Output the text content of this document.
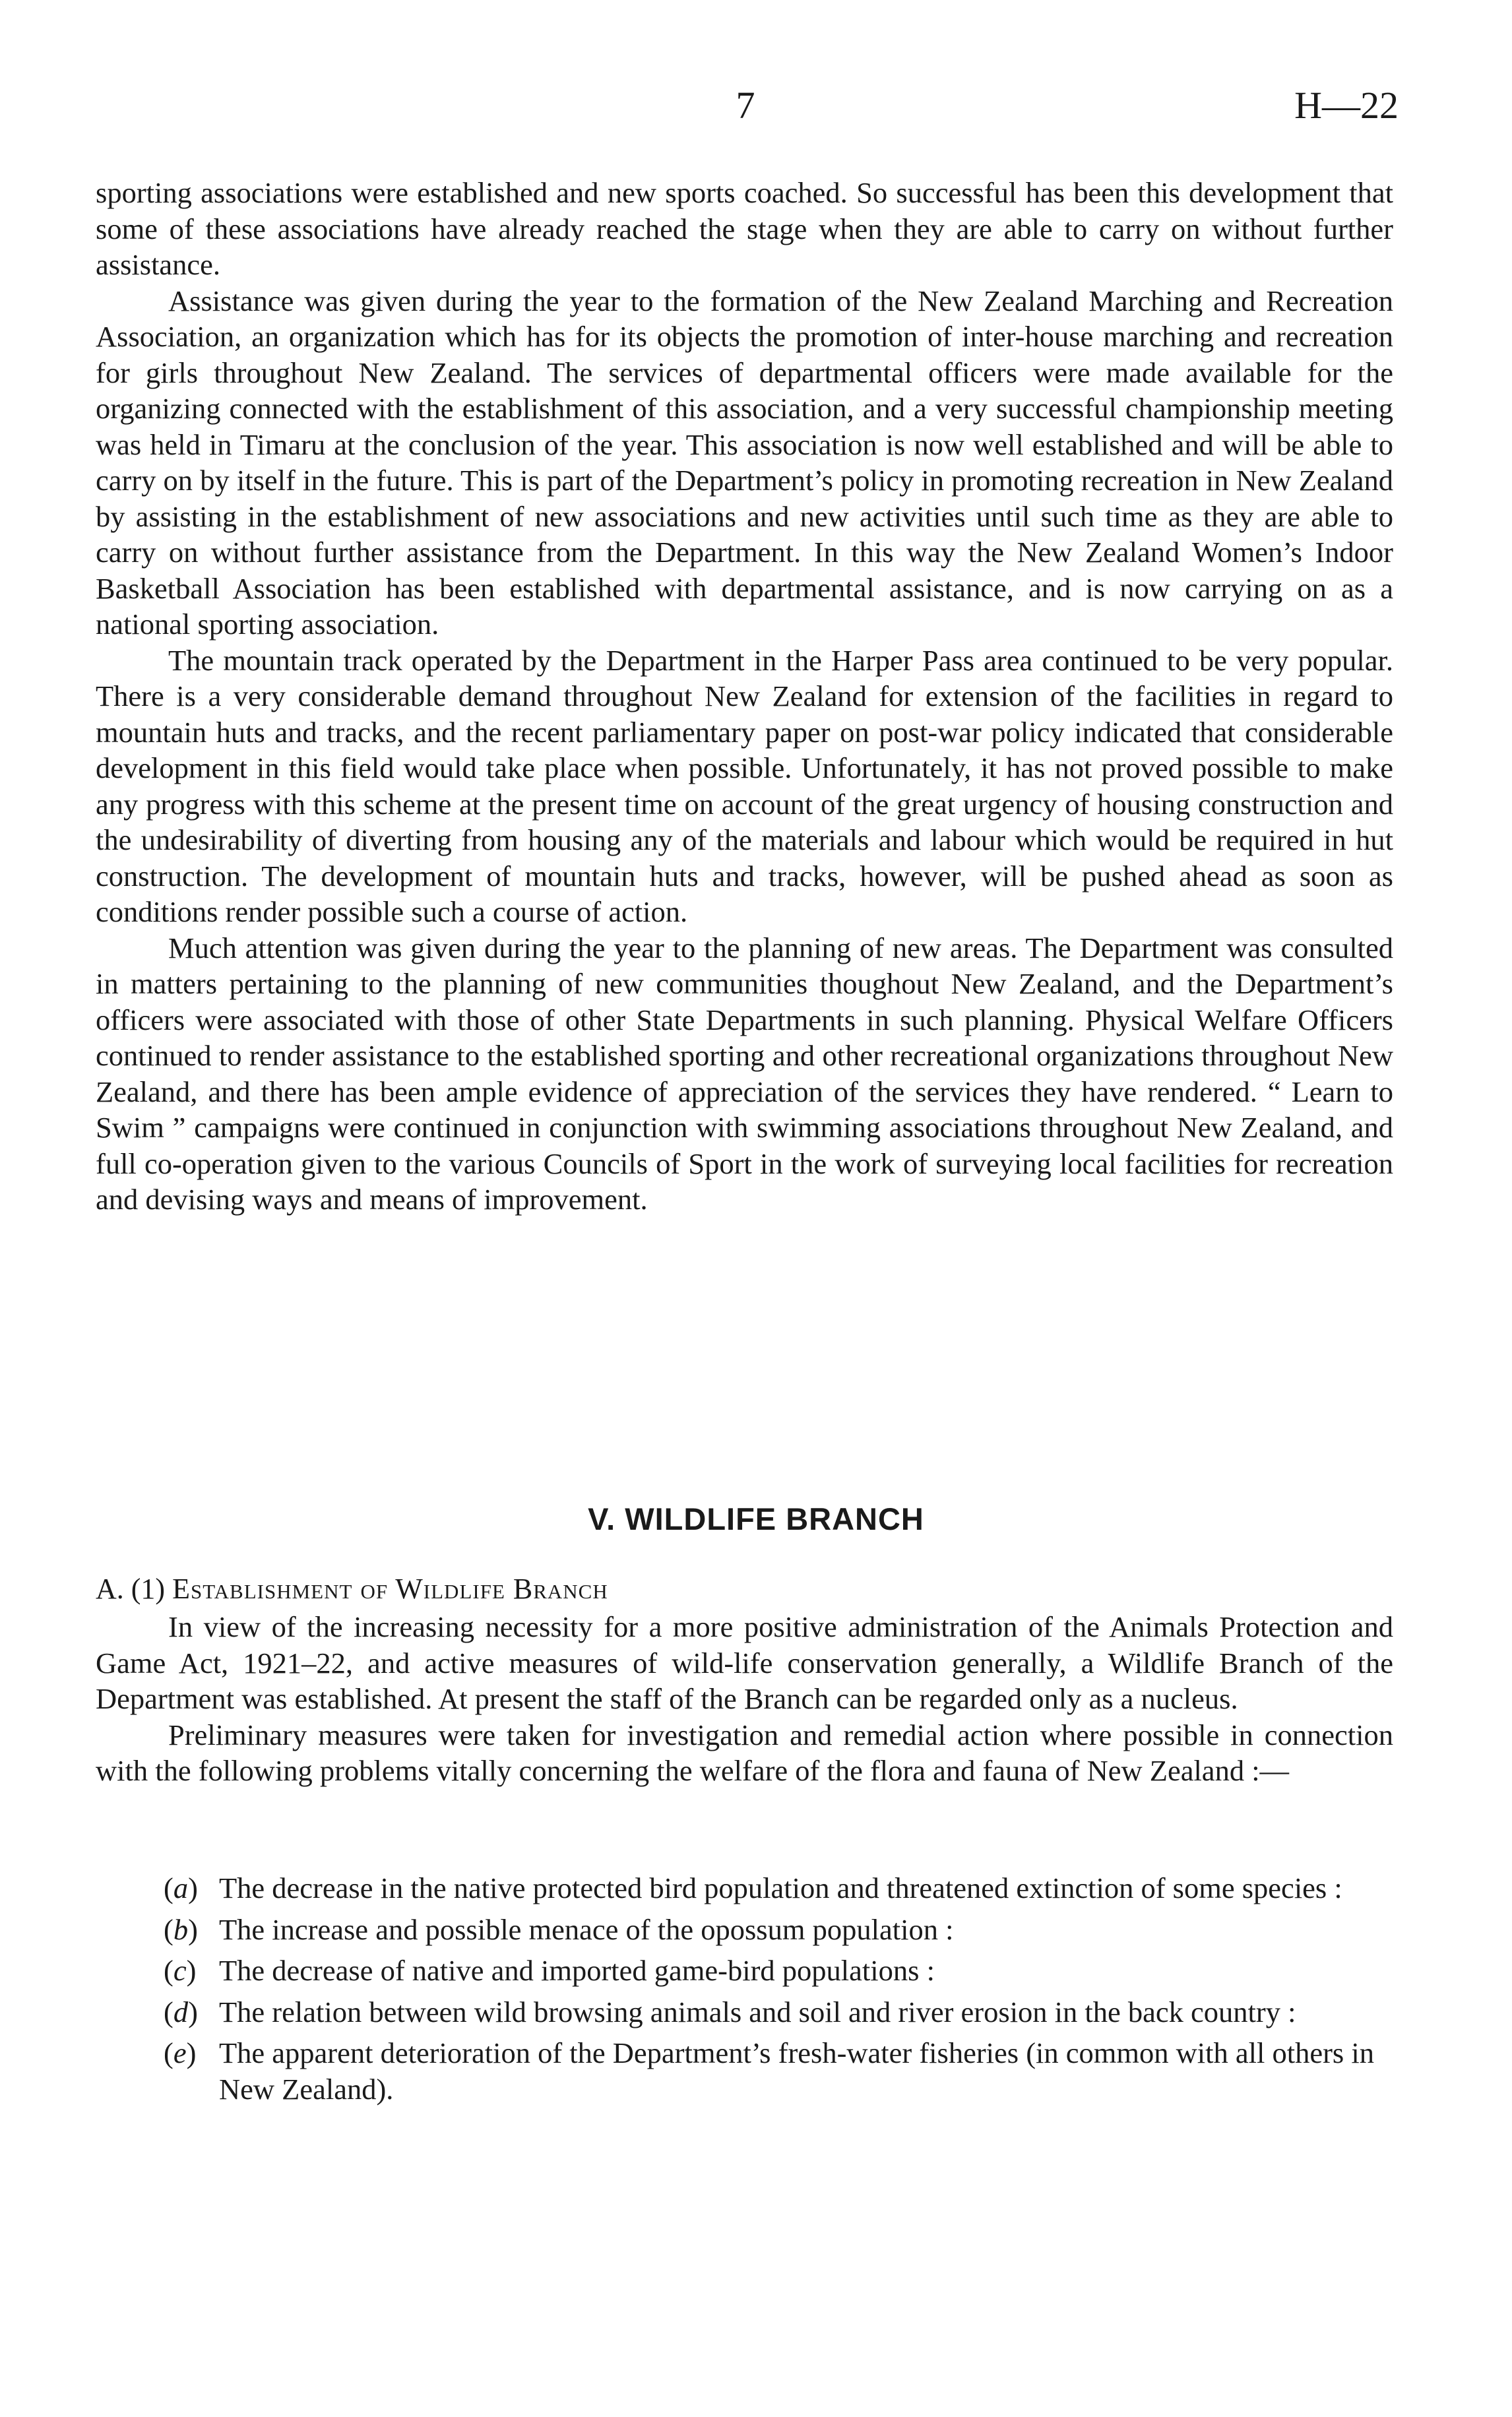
7	H—22

sporting associations were established and new sports coached. So successful has been this development that some of these associations have already reached the stage when they are able to carry on without further assistance.

Assistance was given during the year to the formation of the New Zealand Marching and Recreation Association, an organization which has for its objects the promotion of inter-house marching and recreation for girls throughout New Zealand. The services of departmental officers were made available for the organizing connected with the establishment of this association, and a very successful championship meeting was held in Timaru at the conclusion of the year. This association is now well established and will be able to carry on by itself in the future. This is part of the Department’s policy in promoting recreation in New Zealand by assisting in the establishment of new associations and new activities until such time as they are able to carry on without further assistance from the Department. In this way the New Zealand Women’s Indoor Basketball Association has been established with departmental assistance, and is now carrying on as a national sporting association.

The mountain track operated by the Department in the Harper Pass area continued to be very popular. There is a very considerable demand throughout New Zealand for extension of the facilities in regard to mountain huts and tracks, and the recent parliamentary paper on post-war policy indicated that considerable development in this field would take place when possible. Unfortunately, it has not proved possible to make any progress with this scheme at the present time on account of the great urgency of housing construction and the undesirability of diverting from housing any of the materials and labour which would be required in hut construction. The development of mountain huts and tracks, however, will be pushed ahead as soon as conditions render possible such a course of action.

Much attention was given during the year to the planning of new areas. The Department was consulted in matters pertaining to the planning of new communities thoughout New Zealand, and the Department’s officers were associated with those of other State Departments in such planning. Physical Welfare Officers continued to render assistance to the established sporting and other recreational organizations throughout New Zealand, and there has been ample evidence of appreciation of the services they have rendered. “ Learn to Swim ” campaigns were continued in conjunction with swimming associations throughout New Zealand, and full co-operation given to the various Councils of Sport in the work of surveying local facilities for recreation and devising ways and means of improvement.

V. WILDLIFE BRANCH
A. (1) Establishment of Wildlife Branch

In view of the increasing necessity for a more positive administration of the Animals Protection and Game Act, 1921–22, and active measures of wild-life conservation generally, a Wildlife Branch of the Department was established. At present the staff of the Branch can be regarded only as a nucleus.

Preliminary measures were taken for investigation and remedial action where possible in connection with the following problems vitally concerning the welfare of the flora and fauna of New Zealand :—

(a) The decrease in the native protected bird population and threatened extinction of some species :
(b) The increase and possible menace of the opossum population :
(c) The decrease of native and imported game-bird populations :
(d) The relation between wild browsing animals and soil and river erosion in the back country :
(e) The apparent deterioration of the Department’s fresh-water fisheries (in common with all others in New Zealand).
